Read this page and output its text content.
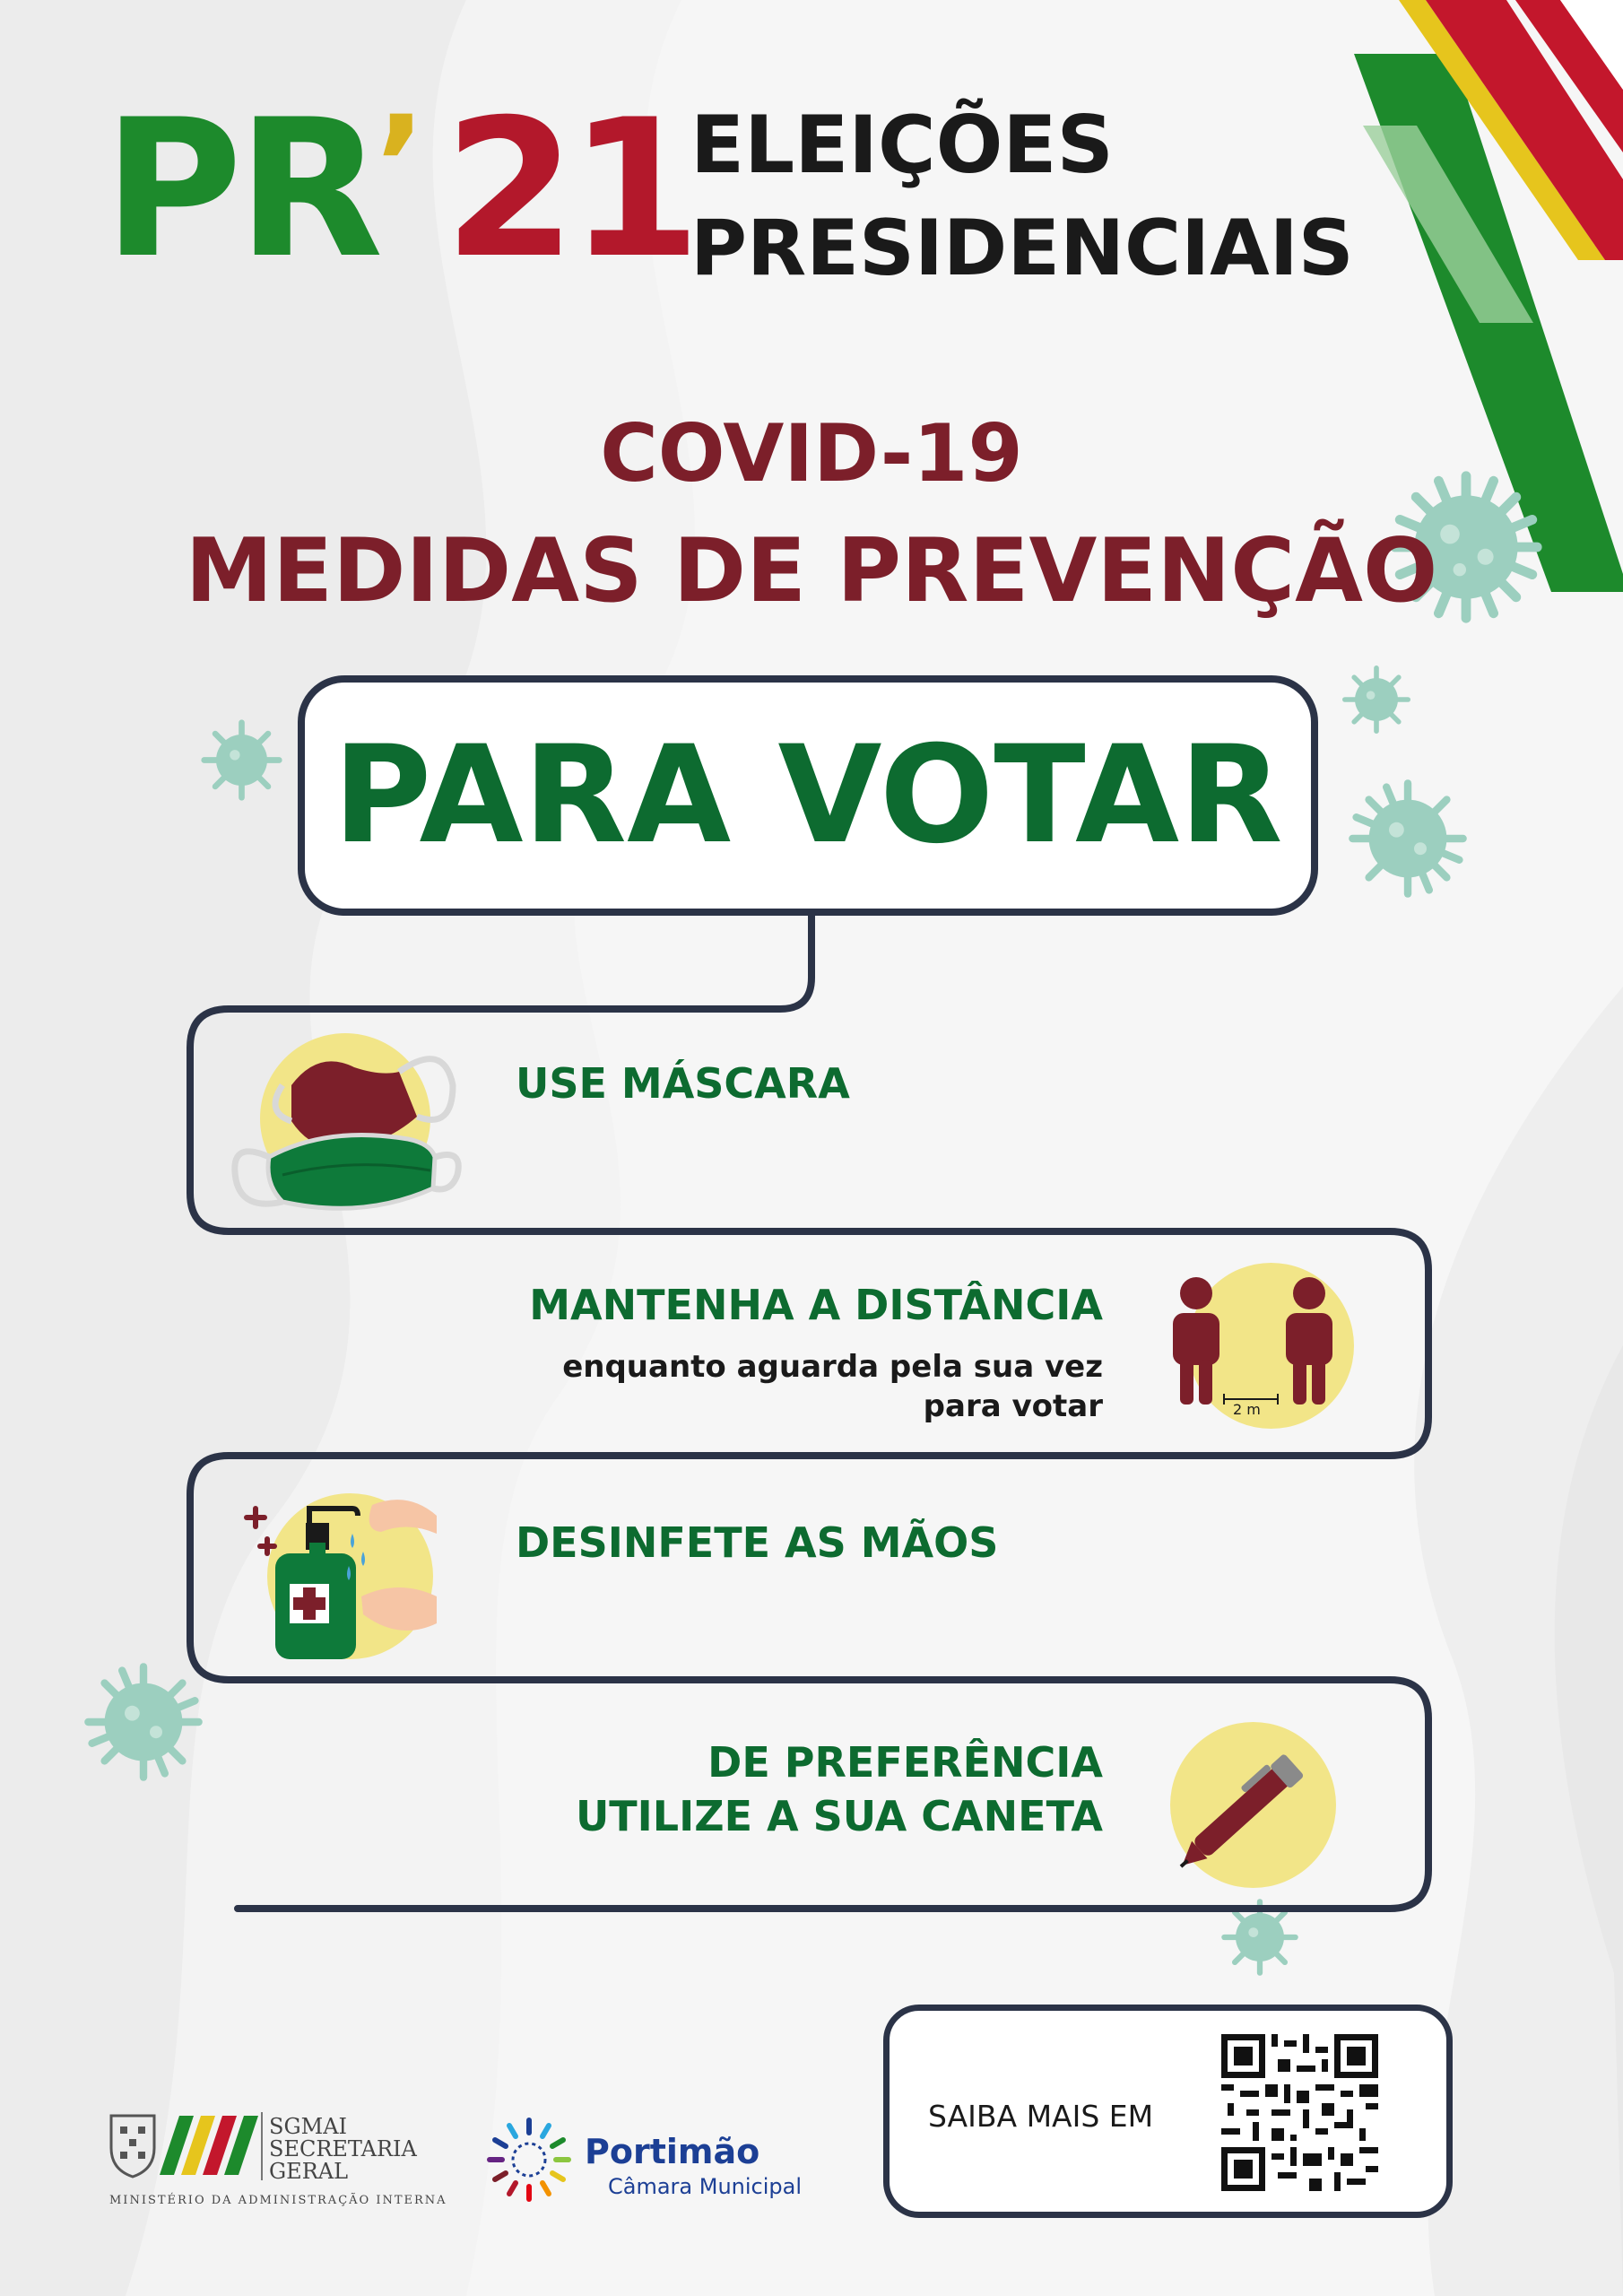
PR
’ 21
ELEIÇÕES
PRESIDENCIAIS
COVID-19
MEDIDAS DE PREVENÇÃO
PARA VOTAR
USE MÁSCARA
MANTENHA A DISTÂNCIA
enquanto aguarda pela sua vez
para votar	2 m
DESINFETE AS MÃOS
DE PREFERÊNCIA
UTILIZE A SUA CANETA
SAIBA MAIS EM
SGMAI
SECRETARIA
GERAL
MINISTÉRIO DA ADMINISTRAÇÃO INTERNA
Portimão
Câmara Municipal
